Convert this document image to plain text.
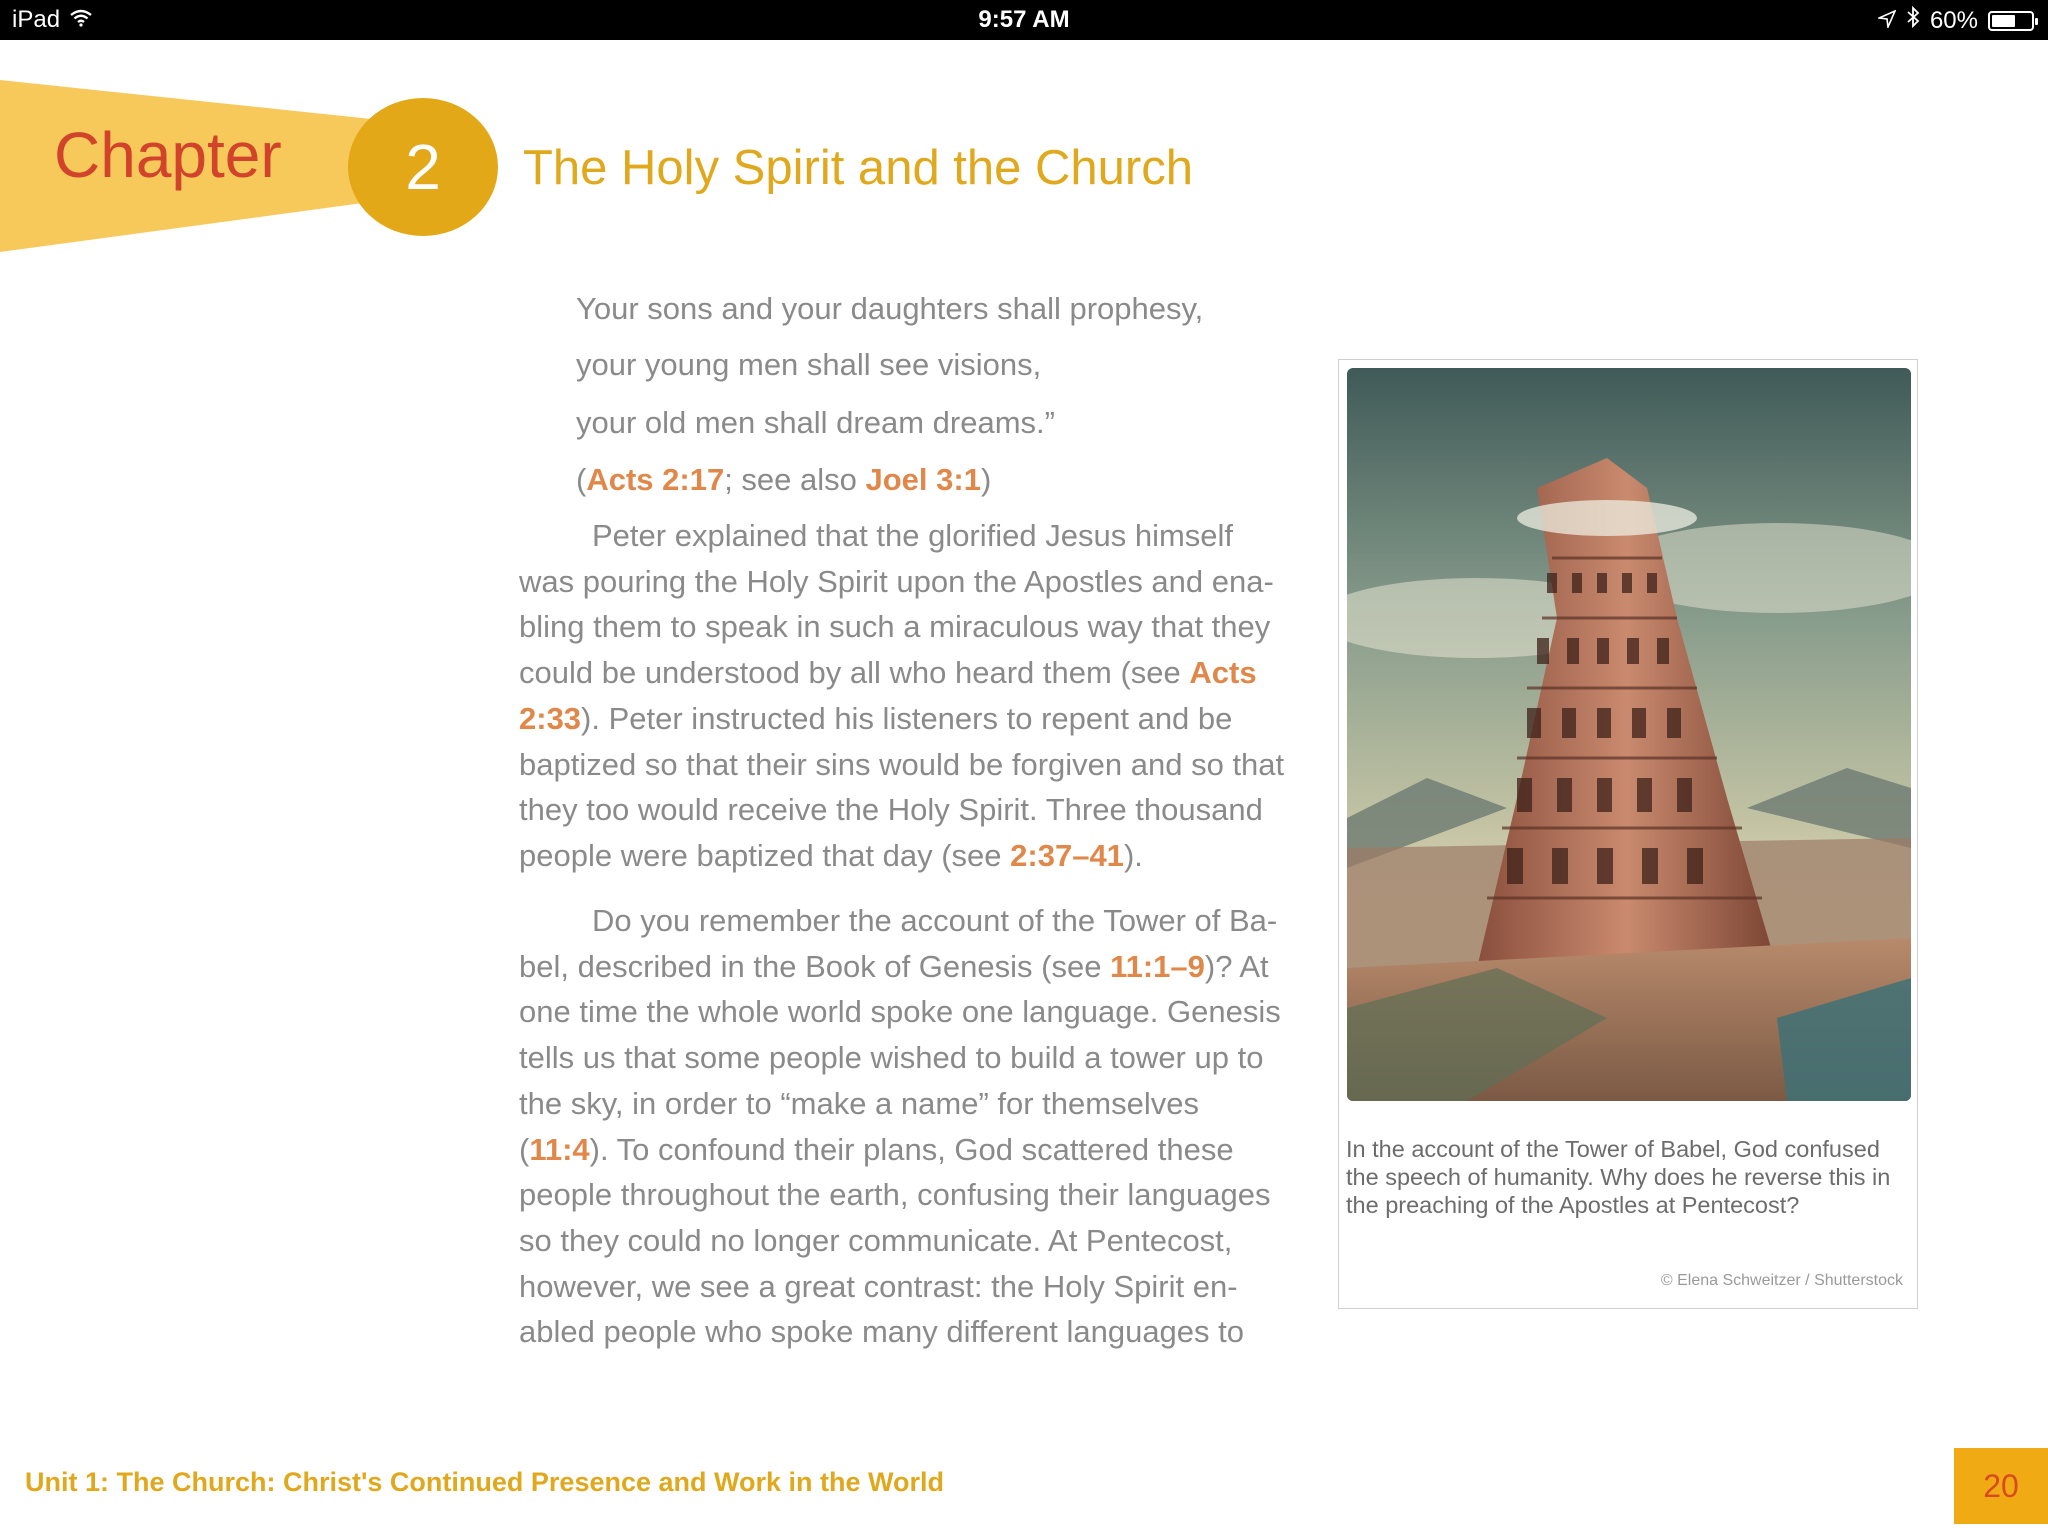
iPad	9:57 AM	60%
Chapter	2	The Holy Spirit and the Church
Your sons and your daughters shall prophesy,
your young men shall see visions,
your old men shall dream dreams.”
(Acts 2:17; see also Joel 3:1)
Peter explained that the glorified Jesus himself
was pouring the Holy Spirit upon the Apostles and ena-
bling them to speak in such a miraculous way that they
could be understood by all who heard them (see Acts
2:33). Peter instructed his listeners to repent and be
baptized so that their sins would be forgiven and so that
they too would receive the Holy Spirit. Three thousand
people were baptized that day (see 2:37–41).
Do you remember the account of the Tower of Ba-
bel, described in the Book of Genesis (see 11:1–9)? At
one time the whole world spoke one language. Genesis
tells us that some people wished to build a tower up to
the sky, in order to “make a name” for themselves
(11:4). To confound their plans, God scattered these
people throughout the earth, confusing their languages
so they could no longer communicate. At Pentecost,
however, we see a great contrast: the Holy Spirit en-
abled people who spoke many different languages to
In the account of the Tower of Babel, God confused the speech of humanity. Why does he reverse this in the preaching of the Apostles at Pentecost?
© Elena Schweitzer / Shutterstock
Unit 1: The Church: Christ's Continued Presence and Work in the World	20
